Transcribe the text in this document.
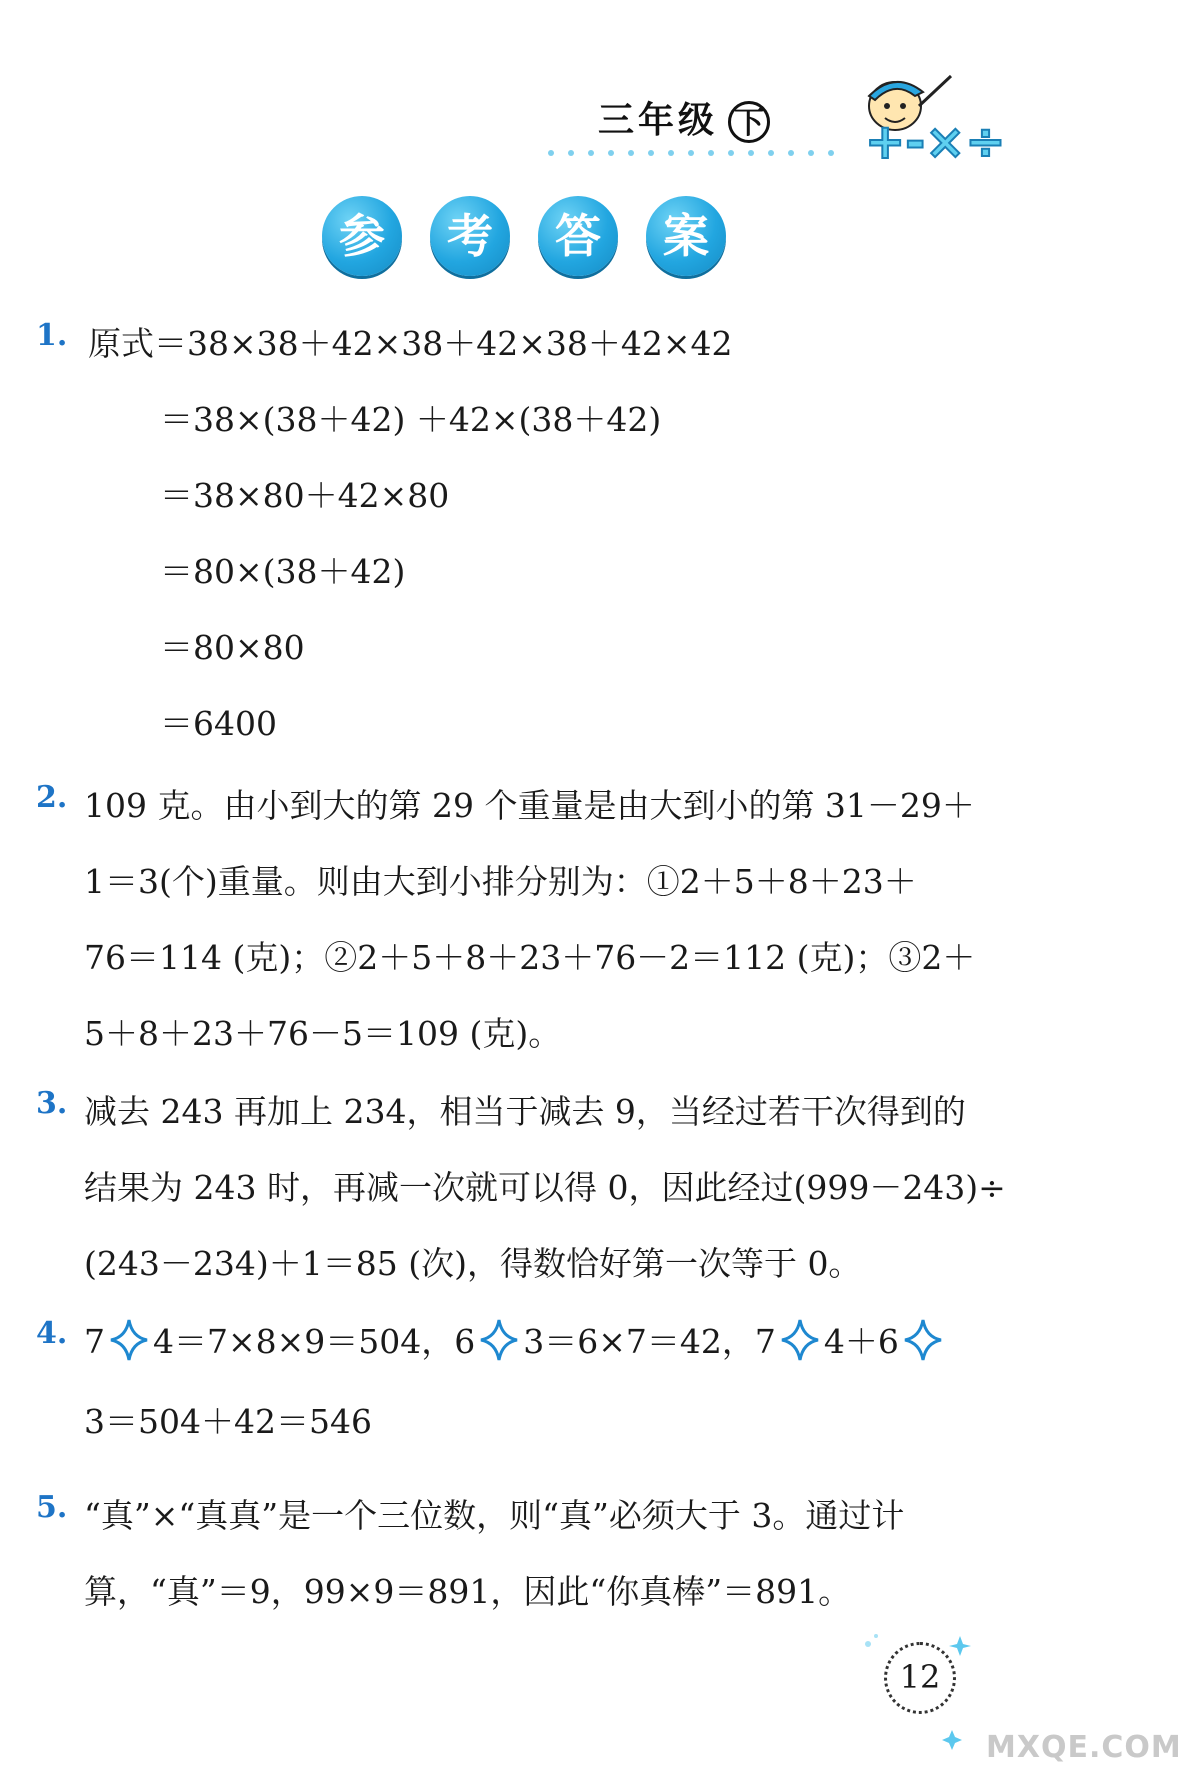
三年级 下 +-×÷
参	考	答	案
1. 原式＝38×38＋42×38＋42×38＋42×42
＝38×(38＋42) ＋42×(38＋42)
＝38×80＋42×80
＝80×(38＋42)
＝80×80
＝6400
2. 109 克。由小到大的第 29 个重量是由大到小的第 31－29＋
1＝3(个)重量。则由大到小排分别为：①2＋5＋8＋23＋
76＝114 (克)；②2＋5＋8＋23＋76－2＝112 (克)；③2＋
5＋8＋23＋76－5＝109 (克)。
3. 减去 243 再加上 234，相当于减去 9，当经过若干次得到的
结果为 243 时，再减一次就可以得 0，因此经过(999－243)÷
(243－234)＋1＝85 (次)，得数恰好第一次等于 0。
4. 7 4＝7×8×9＝504，6 3＝6×7＝42，7 4＋6
3＝504＋42＝546
5. “真”×“真真”是一个三位数，则“真”必须大于 3。通过计
算，“真”＝9，99×9＝891，因此“你真棒”＝891。
12
MXQE.COM
